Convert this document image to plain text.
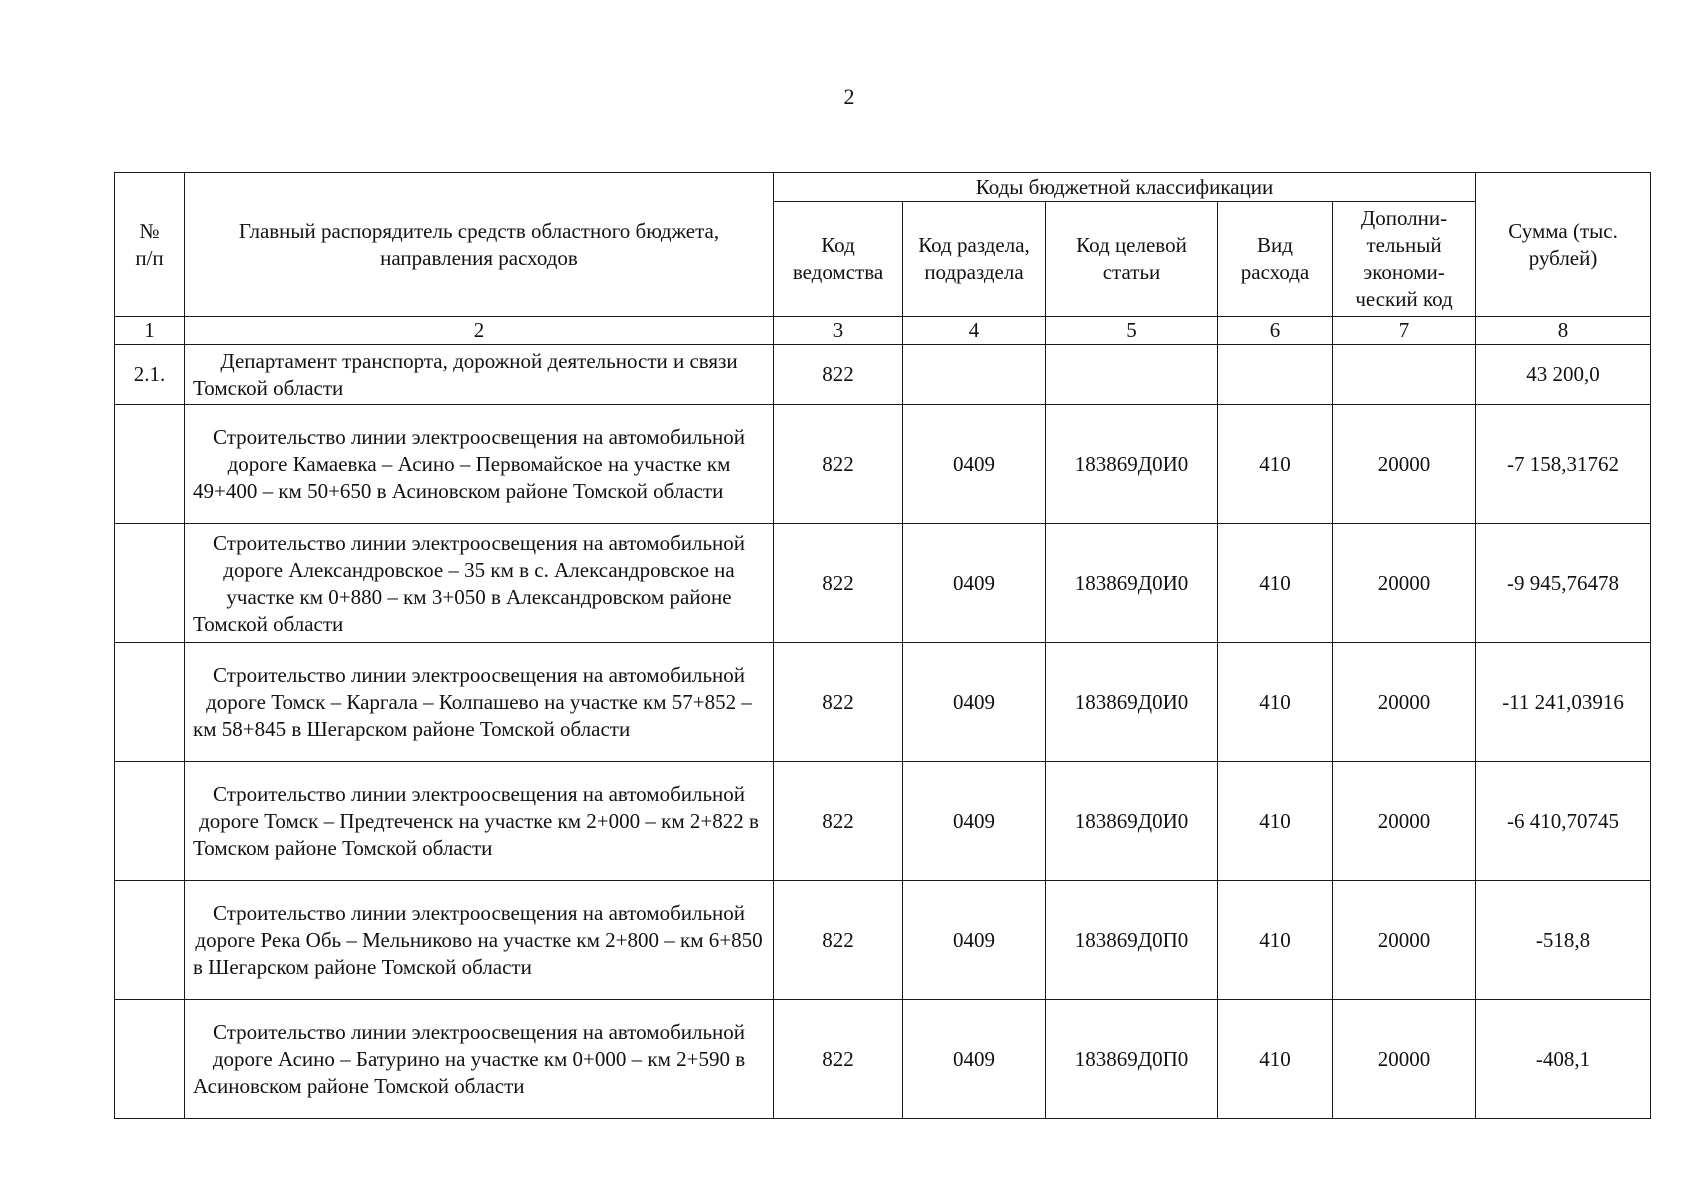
2
№
п/п	Главный распорядитель средств областного бюджета, направления расходов	Коды бюджетной классификации					Сумма (тыс. рублей)
		Код ведомства	Код раздела, подраздела	Код целевой статьи	Вид расхода	Дополни-тельный экономи-ческий код	
1	2	3	4	5	6	7	8
2.1.	Департамент транспорта, дорожной деятельности и связи Томской области	822					43 200,0
	Строительство линии электроосвещения на автомобильной дороге Камаевка – Асино – Первомайское на участке км 49+400 – км 50+650 в Асиновском районе Томской области	822	0409	183869Д0И0	410	20000	-7 158,31762
	Строительство линии электроосвещения на автомобильной дороге Александровское – 35 км в с. Александровское на участке км 0+880 – км 3+050 в Александровском районе Томской области	822	0409	183869Д0И0	410	20000	-9 945,76478
	Строительство линии электроосвещения на автомобильной дороге Томск – Каргала – Колпашево на участке км 57+852 – км 58+845 в Шегарском районе Томской области	822	0409	183869Д0И0	410	20000	-11 241,03916
	Строительство линии электроосвещения на автомобильной дороге Томск – Предтеченск на участке км 2+000 – км 2+822 в Томском районе Томской области	822	0409	183869Д0И0	410	20000	-6 410,70745
	Строительство линии электроосвещения на автомобильной дороге Река Обь – Мельниково на участке км 2+800 – км 6+850 в Шегарском районе Томской области	822	0409	183869Д0П0	410	20000	-518,8
	Строительство линии электроосвещения на автомобильной дороге Асино – Батурино на участке км 0+000 – км 2+590 в Асиновском районе Томской области	822	0409	183869Д0П0	410	20000	-408,1
